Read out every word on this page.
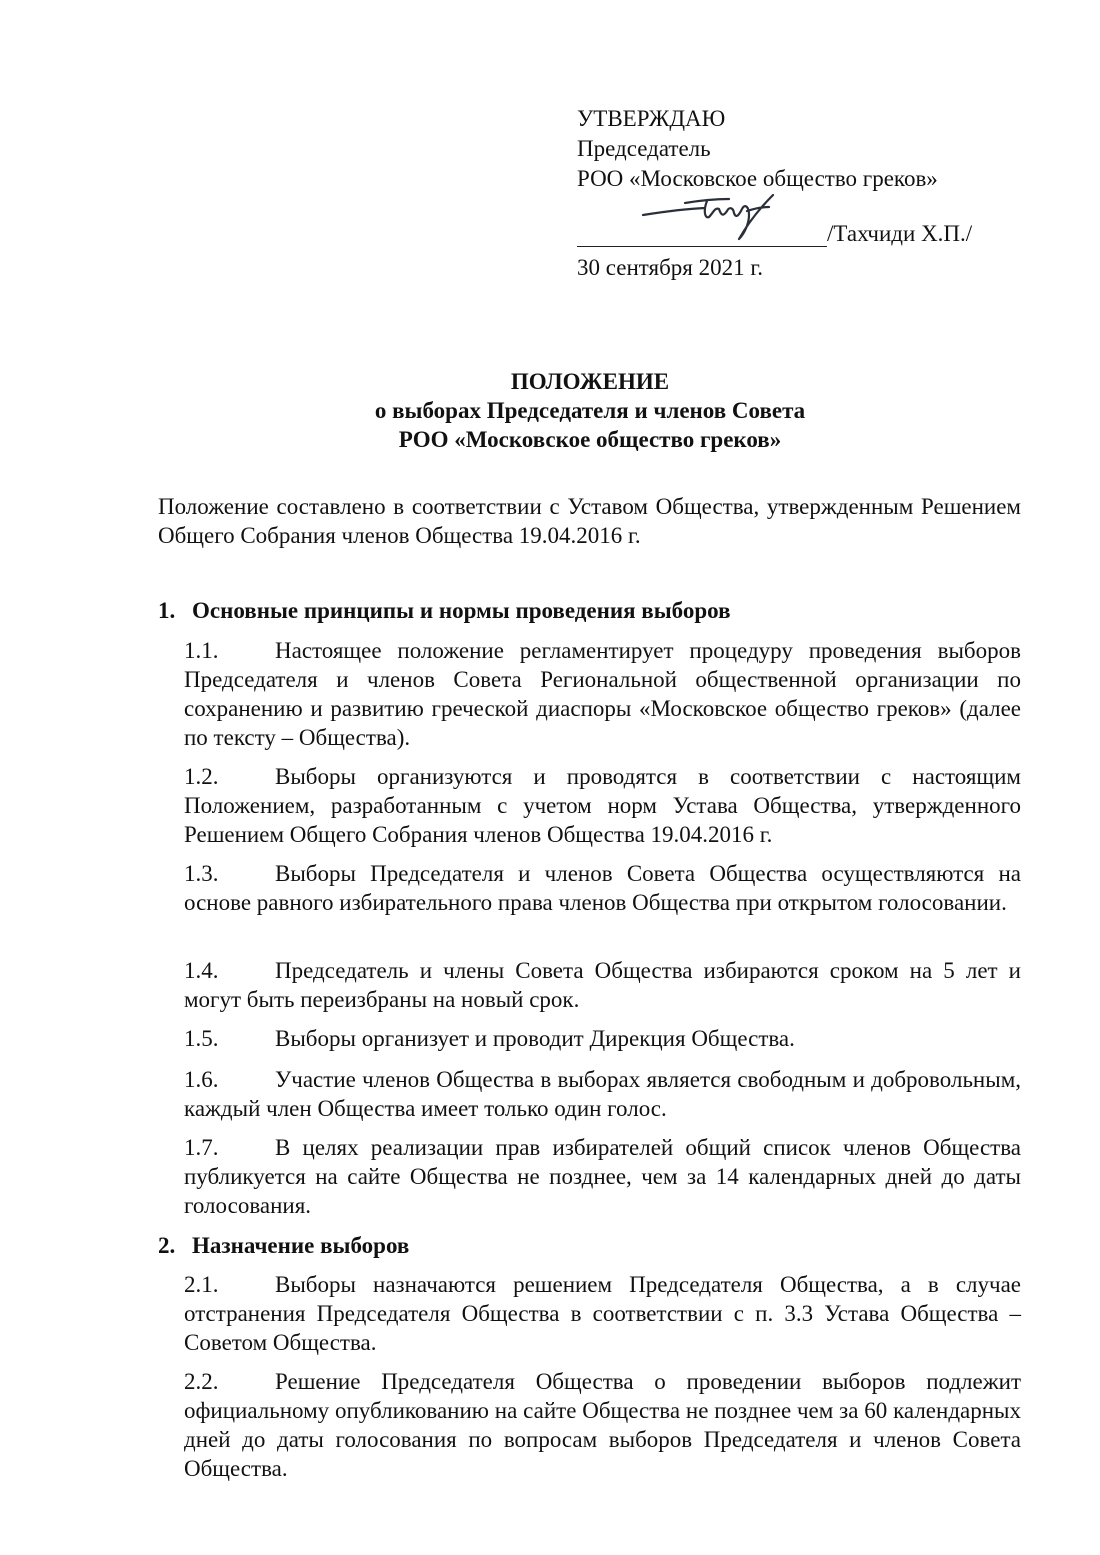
УТВЕРЖДАЮ
Председатель
РОО «Московское общество греков»
/Тахчиди Х.П./
30 сентября 2021 г.
ПОЛОЖЕНИЕ
о выборах Председателя и членов Совета
РОО «Московское общество греков»
Положение составлено в соответствии с Уставом Общества, утвержденным Решением Общего Собрания членов Общества 19.04.2016 г.
1. Основные принципы и нормы проведения выборов
1.1. Настоящее положение регламентирует процедуру проведения выборов Председателя и членов Совета Региональной общественной организации по сохранению и развитию греческой диаспоры «Московское общество греков» (далее по тексту – Общества).
1.2. Выборы организуются и проводятся в соответствии с настоящим Положением, разработанным с учетом норм Устава Общества, утвержденного Решением Общего Собрания членов Общества 19.04.2016 г.
1.3. Выборы Председателя и членов Совета Общества осуществляются на основе равного избирательного права членов Общества при открытом голосовании.
1.4. Председатель и члены Совета Общества избираются сроком на 5 лет и могут быть переизбраны на новый срок.
1.5. Выборы организует и проводит Дирекция Общества.
1.6. Участие членов Общества в выборах является свободным и добровольным, каждый член Общества имеет только один голос.
1.7. В целях реализации прав избирателей общий список членов Общества публикуется на сайте Общества не позднее, чем за 14 календарных дней до даты голосования.
2. Назначение выборов
2.1. Выборы назначаются решением Председателя Общества, а в случае отстранения Председателя Общества в соответствии с п. 3.3 Устава Общества – Советом Общества.
2.2. Решение Председателя Общества о проведении выборов подлежит официальному опубликованию на сайте Общества не позднее чем за 60 календарных дней до даты голосования по вопросам выборов Председателя и членов Совета Общества.
